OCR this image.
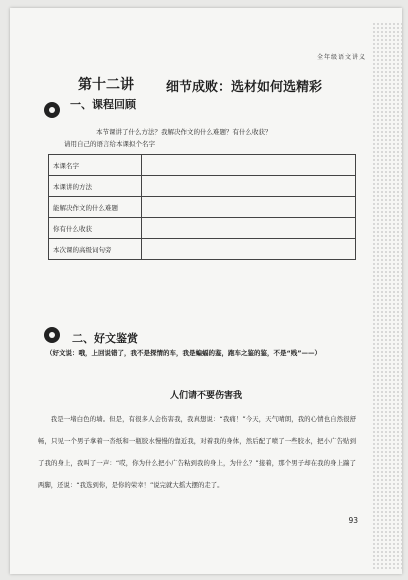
全年级语文讲义
第十二讲 细节成败：选材如何选精彩
一、课程回顾
本节课讲了什么方法？我解决作文的什么难题？有什么收获？
请用自己的语言给本课拟个名字
本课名字	
本课讲的方法	
能解决作文的什么难题	
你有什么收获	
本次课的高级词句旁	
二、好文鉴赏
（好文说：哦，上回说错了，我不是探情的车，我是蝙蝠的鉴，跑车之鉴的鉴，不是“贱”——）
人们请不要伤害我
我是一堵白色的墙。但是，有很多人会伤害我，我真想说：“我痛！”今天，天气晴朗，我的心情也自然很舒畅，只见一个男子拿着一沓纸和一瓶胶水慢慢的靠近我，对着我的身体，然后配了喷了一些胶水，把小广告贴到了我的身上，我叫了一声：“哎，你为什么把小广告粘到我的身上，为什么？”接着，那个男子却在我的身上踹了两脚，还说：“我选到你，是你的荣幸！”说完就大摇大摆的走了。
93
